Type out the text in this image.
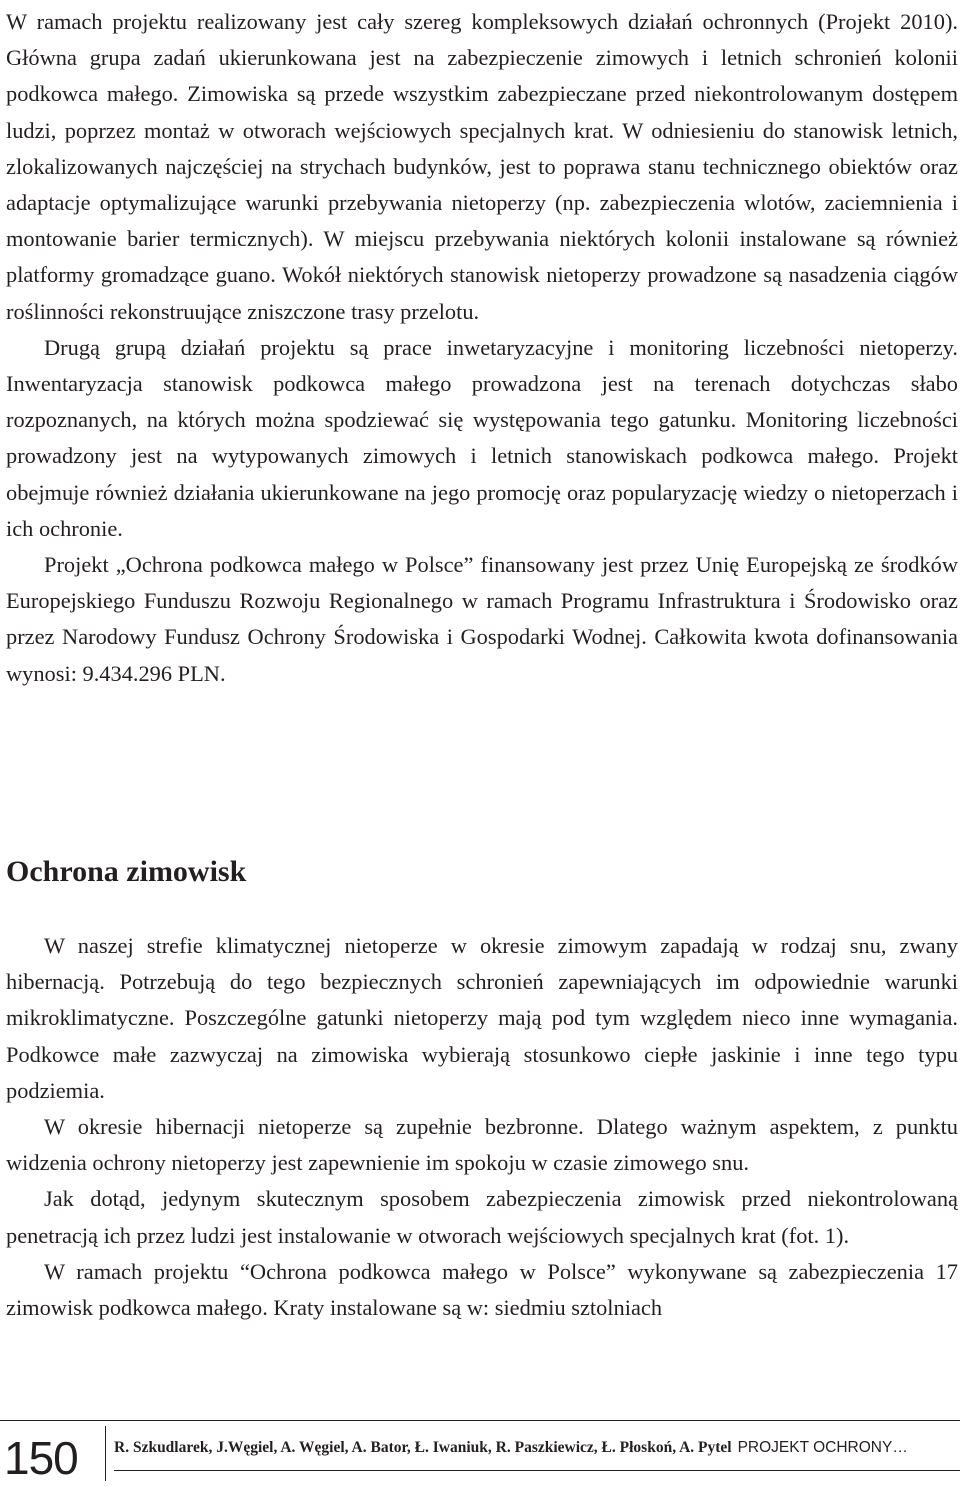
W ramach projektu realizowany jest cały szereg kompleksowych działań ochronnych (Projekt 2010). Główna grupa zadań ukierunkowana jest na zabezpieczenie zimowych i letnich schronień kolonii podkowca małego. Zimowiska są przede wszystkim zabezpieczane przed niekontrolowanym dostępem ludzi, poprzez montaż w otworach wejściowych specjalnych krat. W odniesieniu do stanowisk letnich, zlokalizowanych najczęściej na strychach budynków, jest to poprawa stanu technicznego obiektów oraz adaptacje optymalizujące warunki przebywania nietoperzy (np. zabezpieczenia wlotów, zaciemnienia i montowanie barier termicznych). W miejscu przebywania niektórych kolonii instalowane są również platformy gromadzące guano. Wokół niektórych stanowisk nietoperzy prowadzone są nasadzenia ciągów roślinności rekonstruujące zniszczone trasy przelotu.

Drugą grupą działań projektu są prace inwetaryzacyjne i monitoring liczebności nietoperzy. Inwentaryzacja stanowisk podkowca małego prowadzona jest na terenach dotychczas słabo rozpoznanych, na których można spodziewać się występowania tego gatunku. Monitoring liczebności prowadzony jest na wytypowanych zimowych i letnich stanowiskach podkowca małego. Projekt obejmuje również działania ukierunkowane na jego promocję oraz popularyzację wiedzy o nietoperzach i ich ochronie.

Projekt „Ochrona podkowca małego w Polsce” finansowany jest przez Unię Europejską ze środków Europejskiego Funduszu Rozwoju Regionalnego w ramach Programu Infrastruktura i Środowisko oraz przez Narodowy Fundusz Ochrony Środowiska i Gospodarki Wodnej. Całkowita kwota dofinansowania wynosi: 9.434.296 PLN.

Ochrona zimowisk

W naszej strefie klimatycznej nietoperze w okresie zimowym zapadają w rodzaj snu, zwany hibernacją. Potrzebują do tego bezpiecznych schronień zapewniających im odpowiednie warunki mikroklimatyczne. Poszczególne gatunki nietoperzy mają pod tym względem nieco inne wymagania. Podkowce małe zazwyczaj na zimowiska wybierają stosunkowo ciepłe jaskinie i inne tego typu podziemia.

W okresie hibernacji nietoperze są zupełnie bezbronne. Dlatego ważnym aspektem, z punktu widzenia ochrony nietoperzy jest zapewnienie im spokoju w czasie zimowego snu.

Jak dotąd, jedynym skutecznym sposobem zabezpieczenia zimowisk przed niekontrolowaną penetracją ich przez ludzi jest instalowanie w otworach wejściowych specjalnych krat (fot. 1).

W ramach projektu “Ochrona podkowca małego w Polsce” wykonywane są zabezpieczenia 17 zimowisk podkowca małego. Kraty instalowane są w: siedmiu sztolniach

150 R. Szkudlarek, J.Węgiel, A. Węgiel, A. Bator, Ł. Iwaniuk, R. Paszkiewicz, Ł. Płoskoń, A. Pytel PROJEKT OCHRONY…
